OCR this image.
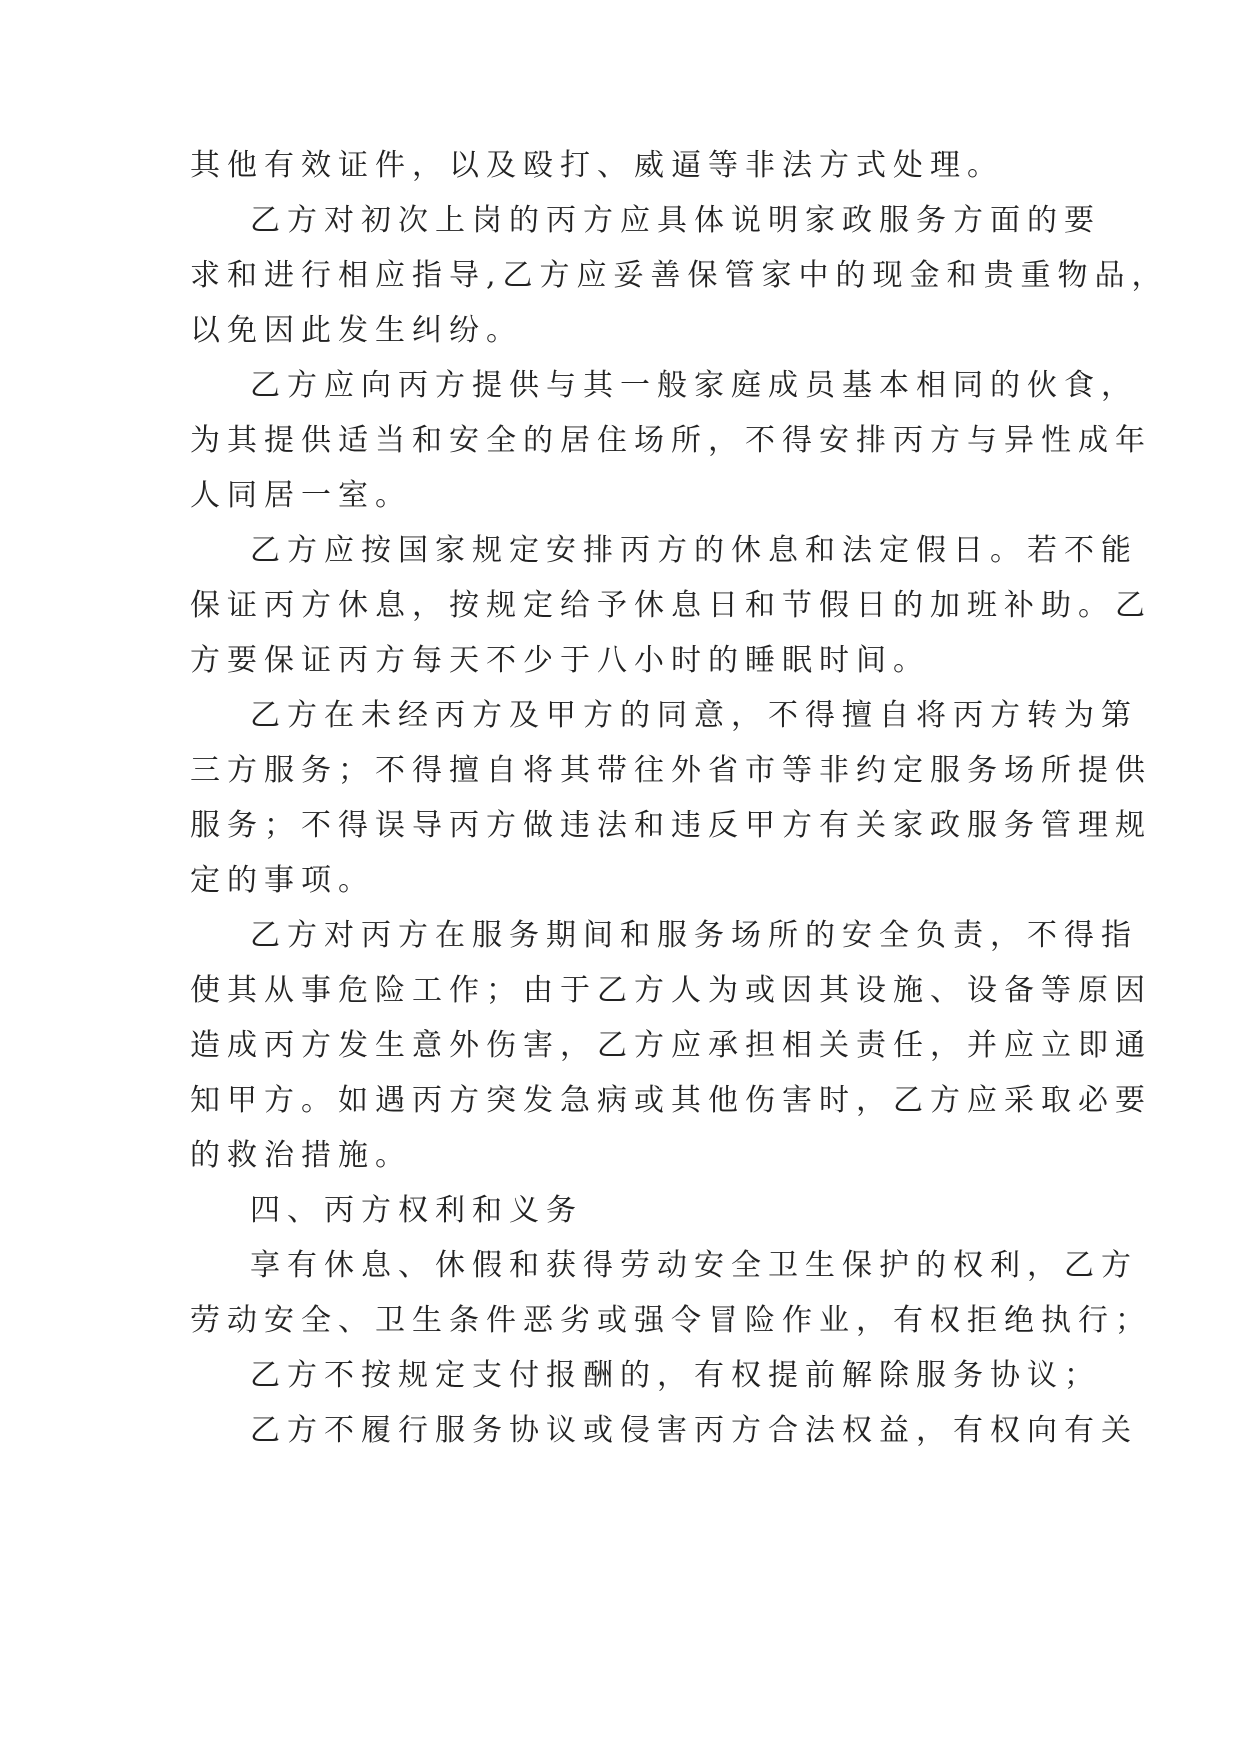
其他有效证件，以及殴打、威逼等非法方式处理。
乙方对初次上岗的丙方应具体说明家政服务方面的要
求和进行相应指导,乙方应妥善保管家中的现金和贵重物品，
以免因此发生纠纷。
乙方应向丙方提供与其一般家庭成员基本相同的伙食，
为其提供适当和安全的居住场所，不得安排丙方与异性成年
人同居一室。
乙方应按国家规定安排丙方的休息和法定假日。若不能
保证丙方休息，按规定给予休息日和节假日的加班补助。乙
方要保证丙方每天不少于八小时的睡眠时间。
乙方在未经丙方及甲方的同意，不得擅自将丙方转为第
三方服务；不得擅自将其带往外省市等非约定服务场所提供
服务；不得误导丙方做违法和违反甲方有关家政服务管理规
定的事项。
乙方对丙方在服务期间和服务场所的安全负责，不得指
使其从事危险工作；由于乙方人为或因其设施、设备等原因
造成丙方发生意外伤害，乙方应承担相关责任，并应立即通
知甲方。如遇丙方突发急病或其他伤害时，乙方应采取必要
的救治措施。
四、丙方权利和义务
享有休息、休假和获得劳动安全卫生保护的权利，乙方
劳动安全、卫生条件恶劣或强令冒险作业，有权拒绝执行；
乙方不按规定支付报酬的，有权提前解除服务协议；
乙方不履行服务协议或侵害丙方合法权益，有权向有关
